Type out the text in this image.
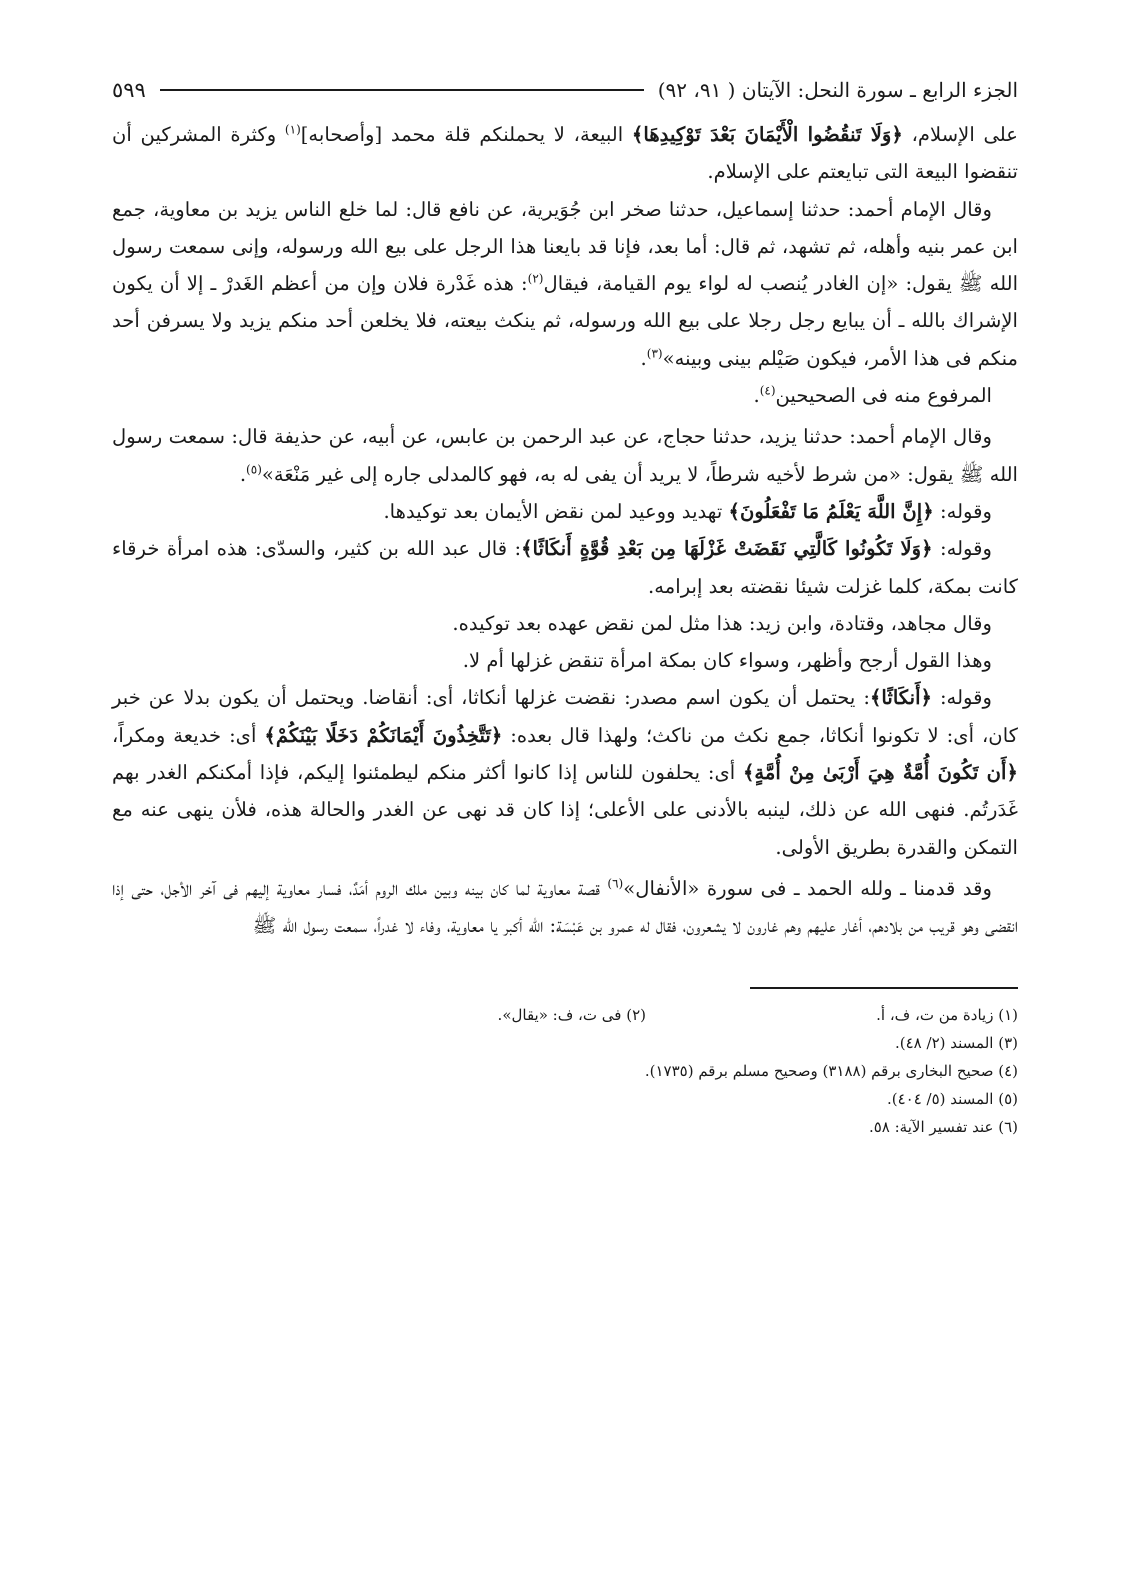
الجزء الرابع ـ سورة النحل: الآيتان ( ٩١، ٩٢)
٥٩٩

على الإسلام، ﴿وَلَا تَنقُضُوا الْأَيْمَانَ بَعْدَ تَوْكِيدِهَا﴾ البيعة، لا يحملنكم قلة محمد [وأصحابه]$^{(١)}$ وكثرة المشركين أن تنقضوا البيعة التى تبايعتم على الإسلام.

وقال الإمام أحمد: حدثنا إسماعيل، حدثنا صخر ابن جُوَيرية، عن نافع قال: لما خلع الناس يزيد بن معاوية، جمع ابن عمر بنيه وأهله، ثم تشهد، ثم قال: أما بعد، فإنا قد بايعنا هذا الرجل على بيع الله ورسوله، وإنى سمعت رسول الله ﷺ يقول: «إن الغادر يُنصب له لواء يوم القيامة، فيقال$^{(٢)}$: هذه غَدْرة فلان وإن من أعظم الغَدرْ ـ إلا أن يكون الإشراك بالله ـ أن يبايع رجل رجلا على بيع الله ورسوله، ثم ينكث بيعته، فلا يخلعن أحد منكم يزيد ولا يسرفن أحد منكم فى هذا الأمر، فيكون صَيْلم بينى وبينه»$^{(٣)}$.

المرفوع منه فى الصحيحين$^{(٤)}$.

وقال الإمام أحمد: حدثنا يزيد، حدثنا حجاج، عن عبد الرحمن بن عابس، عن أبيه، عن حذيفة قال: سمعت رسول الله ﷺ يقول: «من شرط لأخيه شرطاً، لا يريد أن يفى له به، فهو كالمدلى جاره إلى غير مَنْعَة»$^{(٥)}$.

وقوله: ﴿إِنَّ اللَّهَ يَعْلَمُ مَا تَفْعَلُونَ﴾ تهديد ووعيد لمن نقض الأيمان بعد توكيدها.

وقوله: ﴿وَلَا تَكُونُوا كَالَّتِي نَقَضَتْ غَزْلَهَا مِن بَعْدِ قُوَّةٍ أَنكَاثًا﴾: قال عبد الله بن كثير، والسدّى: هذه امرأة خرقاء كانت بمكة، كلما غزلت شيئا نقضته بعد إبرامه.

وقال مجاهد، وقتادة، وابن زيد: هذا مثل لمن نقض عهده بعد توكيده.

وهذا القول أرجح وأظهر، وسواء كان بمكة امرأة تنقض غزلها أم لا.

وقوله: ﴿أَنكَاثًا﴾: يحتمل أن يكون اسم مصدر: نقضت غزلها أنكاثا، أى: أنقاضا. ويحتمل أن يكون بدلا عن خبر كان، أى: لا تكونوا أنكاثا، جمع نكث من ناكث؛ ولهذا قال بعده: ﴿تَتَّخِذُونَ أَيْمَانَكُمْ دَخَلًا بَيْنَكُمْ﴾ أى: خديعة ومكراً، ﴿أَن تَكُونَ أُمَّةٌ هِيَ أَرْبَىٰ مِنْ أُمَّةٍ﴾ أى: يحلفون للناس إذا كانوا أكثر منكم ليطمئنوا إليكم، فإذا أمكنكم الغدر بهم غَدَرتُم. فنهى الله عن ذلك، لينبه بالأدنى على الأعلى؛ إذا كان قد نهى عن الغدر والحالة هذه، فلأن ينهى عنه مع التمكن والقدرة بطريق الأولى.

وقد قدمنا ـ ولله الحمد ـ فى سورة «الأنفال»$^{(٦)}$ قصة معاوية لما كان بينه وبين ملك الروم أمَدٌ، فسار معاوية إليهم فى آخر الأجل، حتى إذا انقضى وهو قريب من بلادهم، أغار عليهم وهم غارون لا يشعرون، فقال له عمرو بن عَبْسَة: الله أكبر يا معاوية، وفاء لا غدراً، سمعت رسول الله ﷺ

(١) زيادة من ت، ف، أ.
(٢) فى ت، ف: «يقال».
(٣) المسند (٢/ ٤٨).
(٤) صحيح البخارى برقم (٣١٨٨) وصحيح مسلم برقم (١٧٣٥).
(٥) المسند (٥/ ٤٠٤).
(٦) عند تفسير الآية: ٥٨.
